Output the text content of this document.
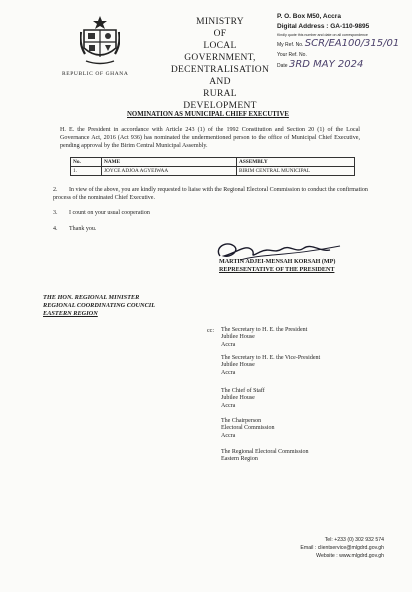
REPUBLIC OF GHANA
MINISTRY
OF
LOCAL GOVERNMENT,
DECENTRALISATION AND
RURAL DEVELOPMENT
P. O. Box M50, Accra
Digital Address : GA-110-9895
Kindly quote this number and date on all correspondence
My Ref. No. SCR/EA100/315/01
Your Ref. No.
Date 3RD MAY 2024
NOMINATION AS MUNICIPAL CHIEF EXECUTIVE
H. E. the President in accordance with Article 243 (1) of the 1992 Constitution and Section 20 (1) of the Local Governance Act, 2016 (Act 936) has nominated the undermentioned person to the office of Municipal Chief Executive, pending approval by the Birim Central Municipal Assembly.
No.	NAME	ASSEMBLY
1.	JOYCE ADJOA AGYEIWAA	BIRIM CENTRAL MUNICIPAL
2. In view of the above, you are kindly requested to liaise with the Regional Electoral Commission to conduct the confirmation process of the nominated Chief Executive.
3. I count on your usual cooperation
4. Thank you.
MARTIN ADJEI-MENSAH KORSAH (MP)
REPRESENTATIVE OF THE PRESIDENT
THE HON. REGIONAL MINISTER
REGIONAL COORDINATING COUNCIL
EASTERN REGION
cc: The Secretary to H. E. the President
Jubilee House
Accra
The Secretary to H. E. the Vice-President
Jubilee House
Accra
The Chief of Staff
Jubilee House
Accra
The Chairperson
Electoral Commission
Accra
The Regional Electoral Commission
Eastern Region
Tel: +233 (0) 302 932 574
Email : clientservice@mlgdrd.gov.gh
Website : www.mlgdrd.gov.gh
